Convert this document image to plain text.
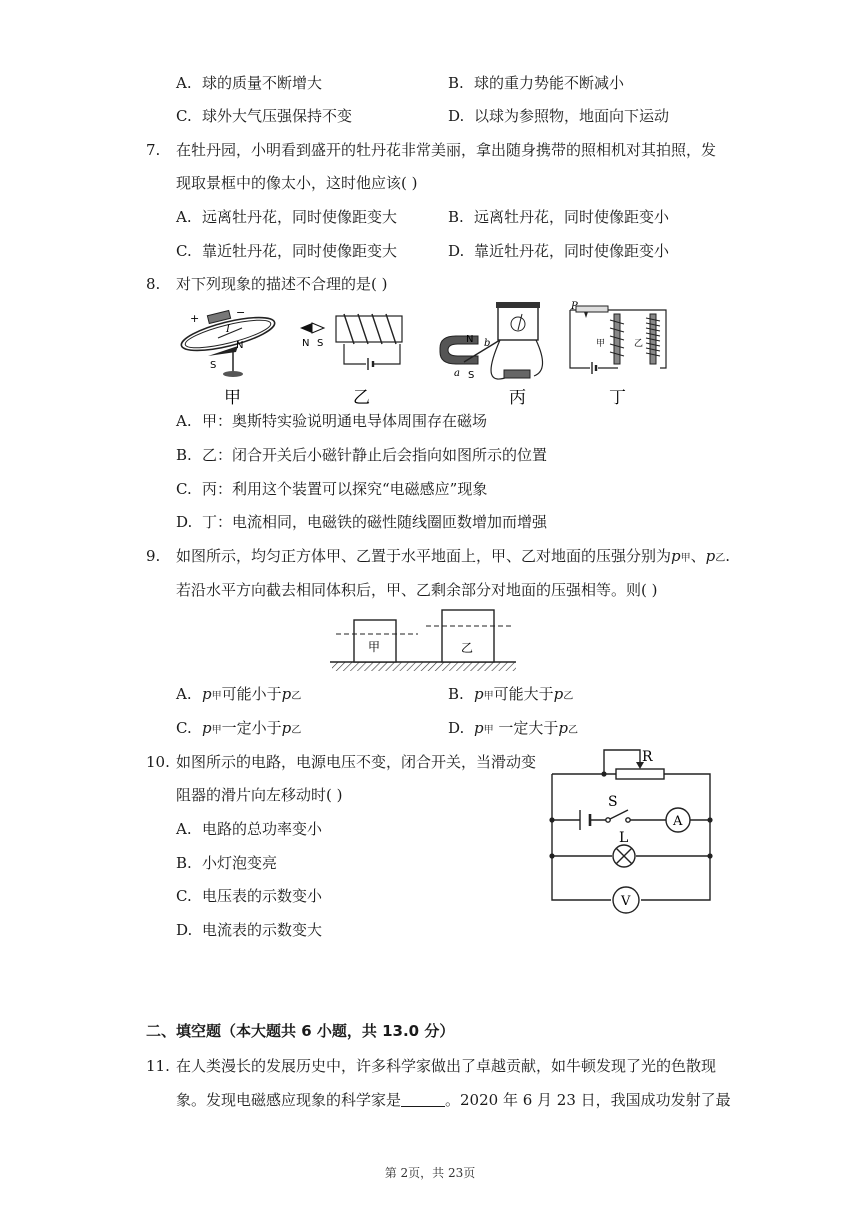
A. 球的质量不断增大	B. 球的重力势能不断减小
C. 球外大气压强保持不变	D. 以球为参照物，地面向下运动
7. 在牡丹园，小明看到盛开的牡丹花非常美丽，拿出随身携带的照相机对其拍照，发
现取景框中的像太小，这时他应该( )
A. 远离牡丹花，同时使像距变大	B. 远离牡丹花，同时使像距变小
C. 靠近牡丹花，同时使像距变大	D. 靠近牡丹花，同时使像距变小
8. 对下列现象的描述不合理的是( )
+	−
I
N
S
甲
N S
乙
a
b
S
N
丙
P
甲	乙
丁
A. 甲：奥斯特实验说明通电导体周围存在磁场
B. 乙：闭合开关后小磁针静止后会指向如图所示的位置
C. 丙：利用这个装置可以探究“电磁感应”现象
D. 丁：电流相同，电磁铁的磁性随线圈匝数增加而增强
9. 如图所示，均匀正方体甲、乙置于水平地面上，甲、乙对地面的压强分别为p甲、p乙.
若沿水平方向截去相同体积后，甲、乙剩余部分对地面的压强相等。则( )
甲	乙
A. p甲可能小于p乙	B. p甲可能大于p乙
C. p甲一定小于p乙	D. p甲 一定大于p乙
10. 如图所示的电路，电源电压不变，闭合开关，当滑动变
阻器的滑片向左移动时( )
A. 电路的总功率变小
B. 小灯泡变亮
C. 电压表的示数变小
D. 电流表的示数变大
R
S
A
L
V
二、填空题（本大题共 6 小题，共 13.0 分）
11. 在人类漫长的发展历史中，许多科学家做出了卓越贡献，如牛顿发现了光的色散现
象。发现电磁感应现象的科学家是	。2020 年 6 月 23 日，我国成功发射了最
第 2页，共 23页
